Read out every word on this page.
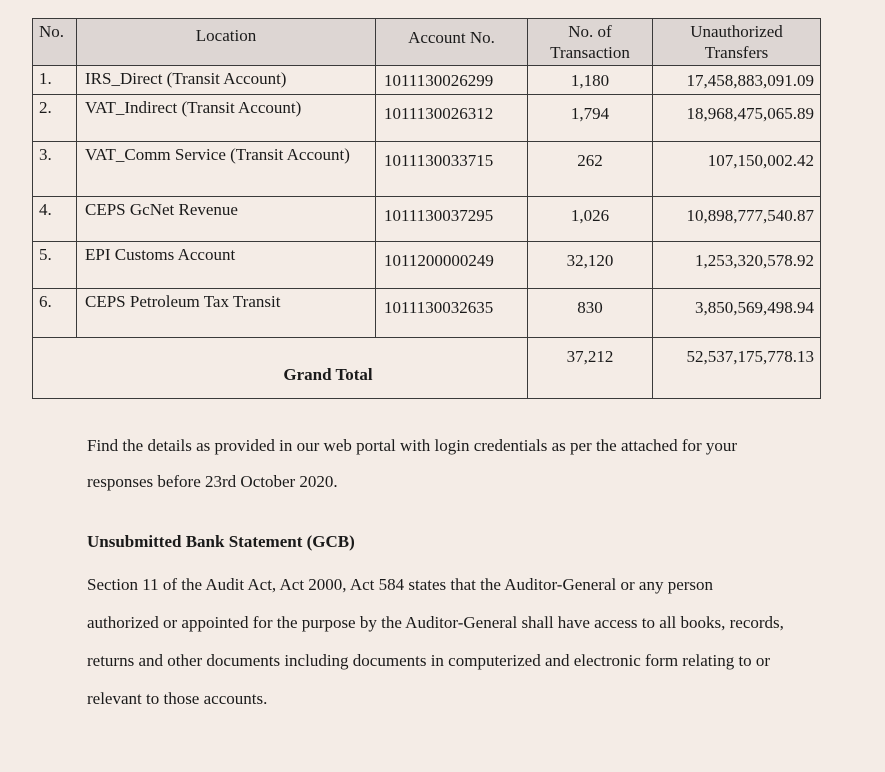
No.	Location	Account No.	No. of Transaction	Unauthorized Transfers
1.	IRS_Direct (Transit Account)	1011130026299	1,180	17,458,883,091.09
2.	VAT_Indirect (Transit Account)	1011130026312	1,794	18,968,475,065.89
3.	VAT_Comm Service (Transit Account)	1011130033715	262	107,150,002.42
4.	CEPS GcNet Revenue	1011130037295	1,026	10,898,777,540.87
5.	EPI Customs Account	1011200000249	32,120	1,253,320,578.92
6.	CEPS Petroleum Tax Transit	1011130032635	830	3,850,569,498.94

Grand Total			37,212	52,537,175,778.13

Find the details as provided in our web portal with login credentials as per the attached for your responses before 23rd October 2020.

Unsubmitted Bank Statement (GCB)

Section 11 of the Audit Act, Act 2000, Act 584 states that the Auditor-General or any person authorized or appointed for the purpose by the Auditor-General shall have access to all books, records, returns and other documents including documents in computerized and electronic form relating to or relevant to those accounts.
